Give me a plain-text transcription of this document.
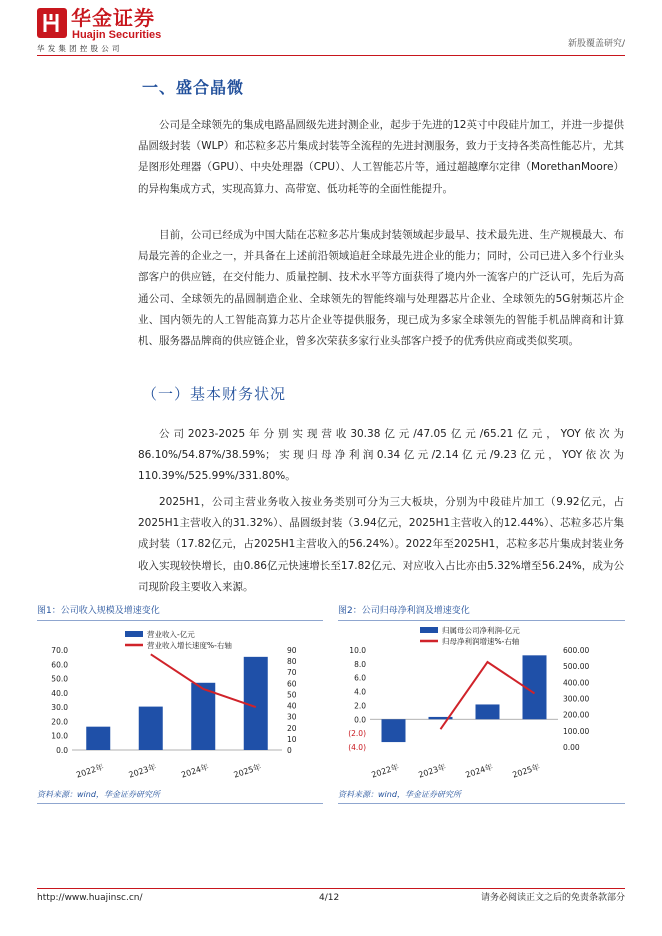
华金证券
Huajin Securities
华发集团控股公司	新股覆盖研究/
一、盛合晶微

公司是全球领先的集成电路晶圆级先进封测企业，起步于先进的12英寸中段硅片加工，并进一步提供晶圆级封装（WLP）和芯粒多芯片集成封装等全流程的先进封测服务，致力于支持各类高性能芯片，尤其是图形处理器（GPU）、中央处理器（CPU）、人工智能芯片等，通过超越摩尔定律（MorethanMoore）的异构集成方式，实现高算力、高带宽、低功耗等的全面性能提升。

目前，公司已经成为中国大陆在芯粒多芯片集成封装领域起步最早、技术最先进、生产规模最大、布局最完善的企业之一，并具备在上述前沿领域追赶全球最先进企业的能力；同时，公司已进入多个行业头部客户的供应链，在交付能力、质量控制、技术水平等方面获得了境内外一流客户的广泛认可，先后为高通公司、全球领先的晶圆制造企业、全球领先的智能终端与处理器芯片企业、全球领先的5G射频芯片企业、国内领先的人工智能高算力芯片企业等提供服务，现已成为多家全球领先的智能手机品牌商和计算机、服务器品牌商的供应链企业，曾多次荣获多家行业头部客户授予的优秀供应商或类似奖项。

（一）基本财务状况

公司2023-2025年分别实现营收30.38亿元/47.05亿元/65.21亿元，YOY依次为86.10%/54.87%/38.59%；实现归母净利润0.34亿元/2.14亿元/9.23亿元，YOY依次为110.39%/525.99%/331.80%。

2025H1，公司主营业务收入按业务类别可分为三大板块，分别为中段硅片加工（9.92亿元，占2025H1主营收入的31.32%）、晶圆级封装（3.94亿元，2025H1主营收入的12.44%）、芯粒多芯片集成封装（17.82亿元，占2025H1主营收入的56.24%）。2022年至2025H1，芯粒多芯片集成封装业务收入实现较快增长，由0.86亿元快速增长至17.82亿元、对应收入占比亦由5.32%增至56.24%，成为公司现阶段主要收入来源。

图1：公司收入规模及增速变化	图2：公司归母净利润及增速变化
0.0
10.0
20.0
30.0
40.0
50.0
60.0
70.0
0
10
20
30
40
50
60
70
80
90
2022年	2023年	2024年	2025年
营业收入-亿元
营业收入增长速度%-右轴
(4.0)
(2.0)
0.0
2.0
4.0
6.0
8.0
10.0
0.00
100.00
200.00
300.00
400.00
500.00
600.00
2022年 2023年 2024年 2025年
归属母公司净利润-亿元
归母净利润增速%-右轴
资料来源：wind，华金证券研究所	资料来源：wind，华金证券研究所
http://www.huajinsc.cn/	4/12	请务必阅读正文之后的免责条款部分
